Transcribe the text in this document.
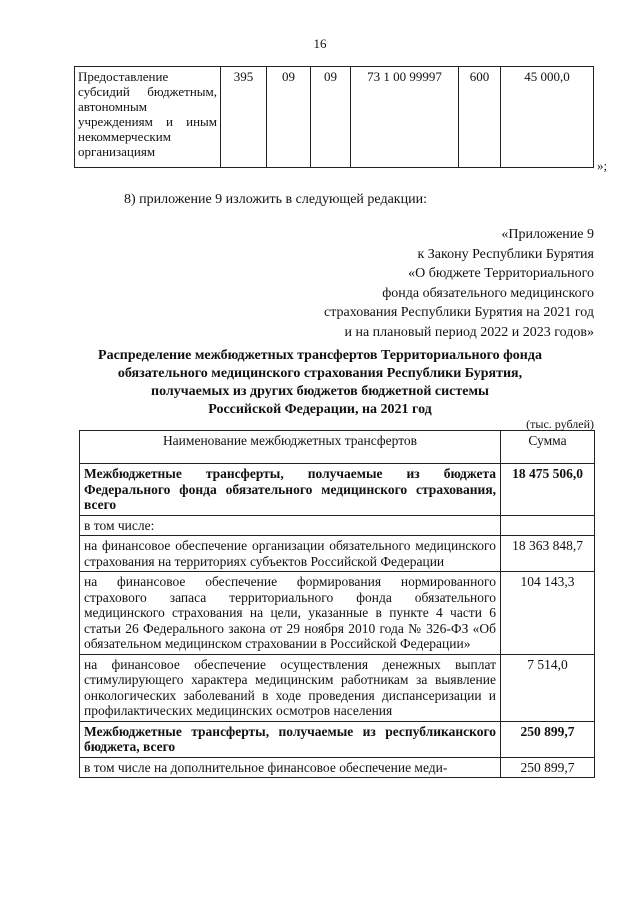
16
Предоставление субсидий бюджетным, автономным учреждениям и иным некоммерческим организациям	395	09	09	73 1 00 99997	600	45 000,0
»;
8) приложение 9 изложить в следующей редакции:
«Приложение 9
к Закону Республики Бурятия
«О бюджете Территориального
фонда обязательного медицинского
страхования Республики Бурятия на 2021 год
и на плановый период 2022 и 2023 годов»
Распределение межбюджетных трансфертов Территориального фонда
обязательного медицинского страхования Республики Бурятия,
получаемых из других бюджетов бюджетной системы
Российской Федерации, на 2021 год
(тыс. рублей)
Наименование межбюджетных трансфертов	Сумма
Межбюджетные трансферты, получаемые из бюджета Федерального фонда обязательного медицинского страхования, всего	18 475 506,0
в том числе:	
на финансовое обеспечение организации обязательного медицинского страхования на территориях субъектов Российской Федерации	18 363 848,7
на финансовое обеспечение формирования нормированного страхового запаса территориального фонда обязательного медицинского страхования на цели, указанные в пункте 4 части 6 статьи 26 Федерального закона от 29 ноября 2010 года № 326-ФЗ «Об обязательном медицинском страховании в Российской Федерации»	104 143,3
на финансовое обеспечение осуществления денежных выплат стимулирующего характера медицинским работникам за выявление онкологических заболеваний в ходе проведения диспансеризации и профилактических медицинских осмотров населения	7 514,0
Межбюджетные трансферты, получаемые из республиканского бюджета, всего	250 899,7
в том числе на дополнительное финансовое обеспечение меди-	250 899,7
